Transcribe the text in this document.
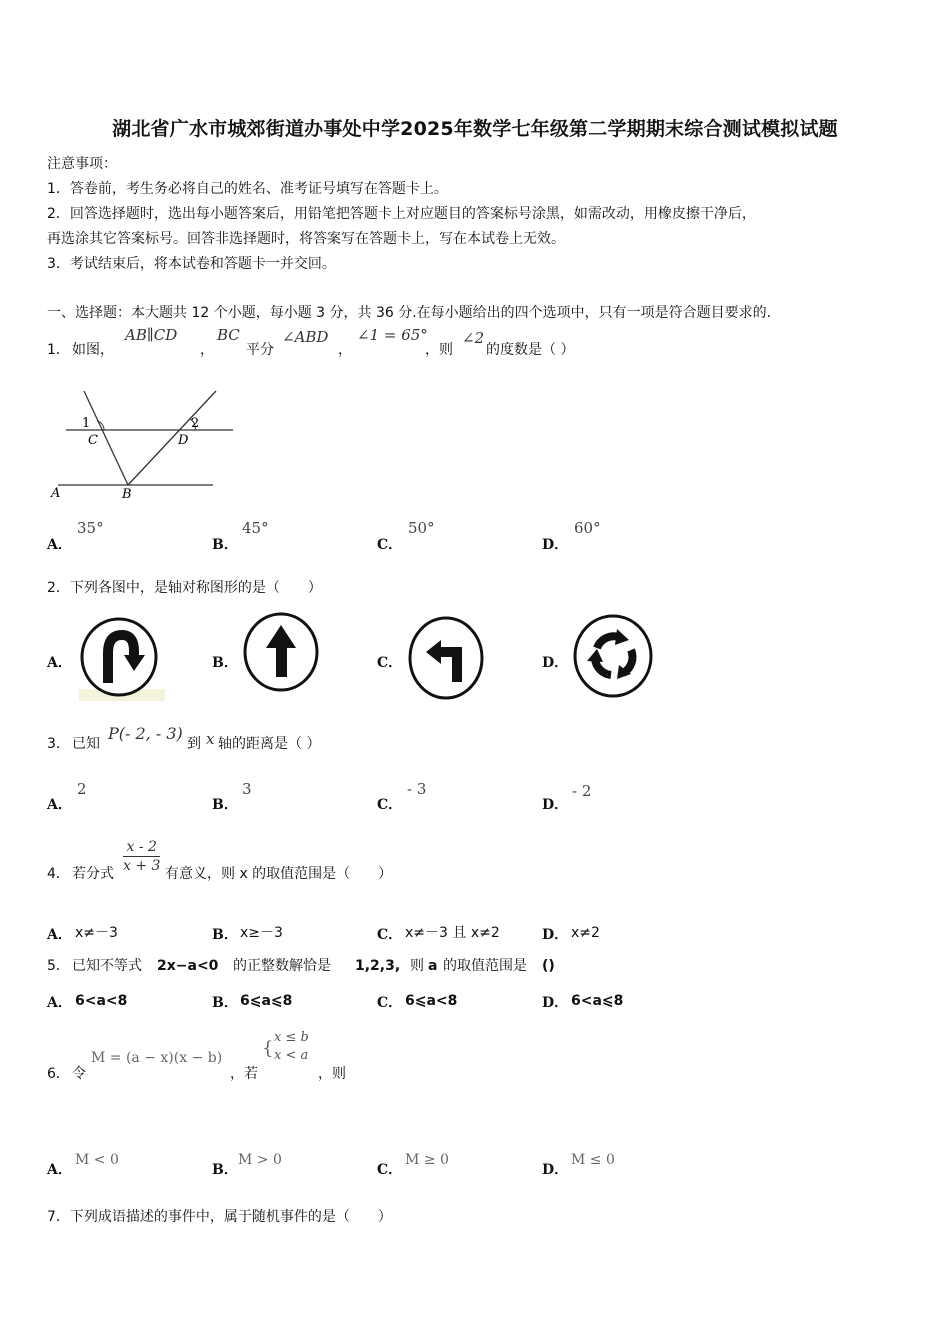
湖北省广水市城郊街道办事处中学2025年数学七年级第二学期期末综合测试模拟试题
注意事项：
1．答卷前，考生务必将自己的姓名、准考证号填写在答题卡上。
2．回答选择题时，选出每小题答案后，用铅笔把答题卡上对应题目的答案标号涂黑，如需改动，用橡皮擦干净后，
再选涂其它答案标号。回答非选择题时，将答案写在答题卡上，写在本试卷上无效。
3．考试结束后，将本试卷和答题卡一并交回。
一、选择题：本大题共 12 个小题，每小题 3 分，共 36 分.在每小题给出的四个选项中，只有一项是符合题目要求的.
1． 如图，
AB∥CD
，
BC
平分
∠ABD
，
∠1 = 65°
，则
∠2
的度数是（ ）
1	2
C	D
A	B
A．
35°
B．
45°
C．
50°
D．
60°
2．下列各图中，是轴对称图形的是（　　）
A．	B．	C．	D．
3． 已知
P(- 2, - 3)
到 x 轴的距离是（ ）
A．
2
B．
3
C．
- 3
D．
- 2
4． 若分式 $\frac{x - 2}{x + 3}$ 有意义，则 x 的取值范围是（　　）
A． x≠－3	B． x≥－3	C． x≠－3 且 x≠2	D． x≠2
5． 已知不等式 2x−a<0 的正整数解恰是 1,2,3, 则 a 的取值范围是 ()
A． 6<a<8	B． 6⩽a⩽8	C． 6⩽a<8	D． 6<a⩽8
6． 令
M = (a − x)(x − b)
，若
{
x ≤ b
x < a
，则
A．
M < 0
B．
M > 0
C．
M ≥ 0
D．
M ≤ 0
7．下列成语描述的事件中，属于随机事件的是（　　）
